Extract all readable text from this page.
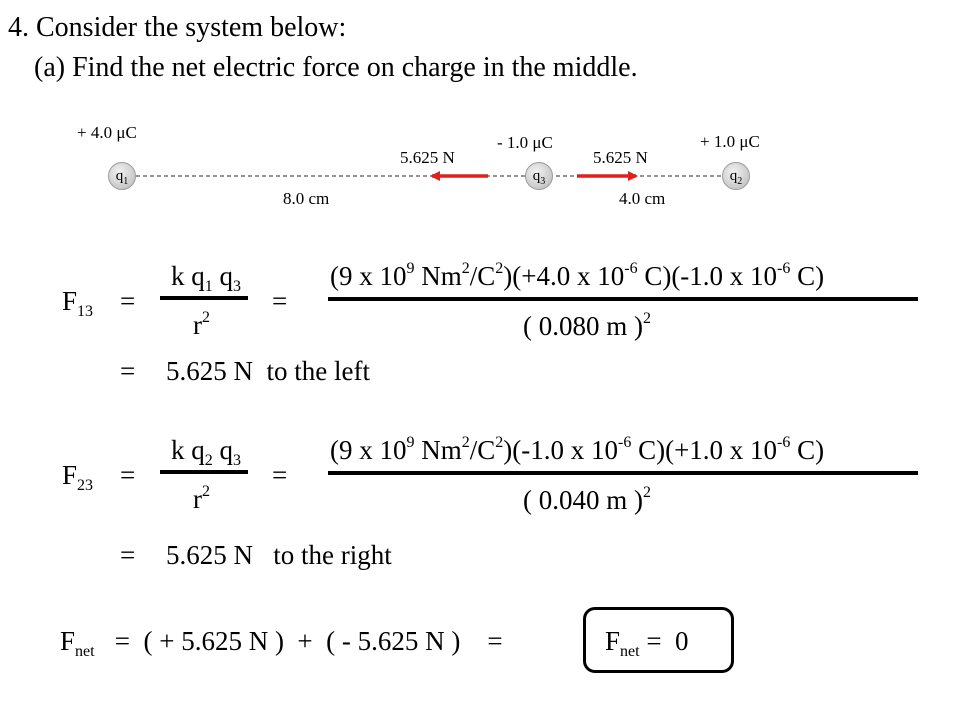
4. Consider the system below:
(a) Find the net electric force on charge in the middle.
+ 4.0 μC
- 1.0 μC	+ 1.0 μC
5.625 N	5.625 N
$q_1$	$q_3$	$q_2$
8.0 cm	4.0 cm
$F_{13}$ =
k $q_1$ $q_3$
$r^2$
=
(9 x $10^9$ $Nm^2/C^2)(+4.0$ x $10^{-6}$ C)(-1.0 x $10^{-6}$ C)
( 0.080 m )$^2$
= 5.625 N  to the left
$F_{23}$ =
k $q_2$ $q_3$
$r^2$
=
(9 x $10^9$ $Nm^2/C^2)(-1.0$ x $10^{-6}$ C)(+1.0 x $10^{-6}$ C)
( 0.040 m )$^2$
= 5.625 N   to the right
$F_{net}$ =  ( + 5.625 N )  +  ( - 5.625 N )    =	$F_{net} = 0$
